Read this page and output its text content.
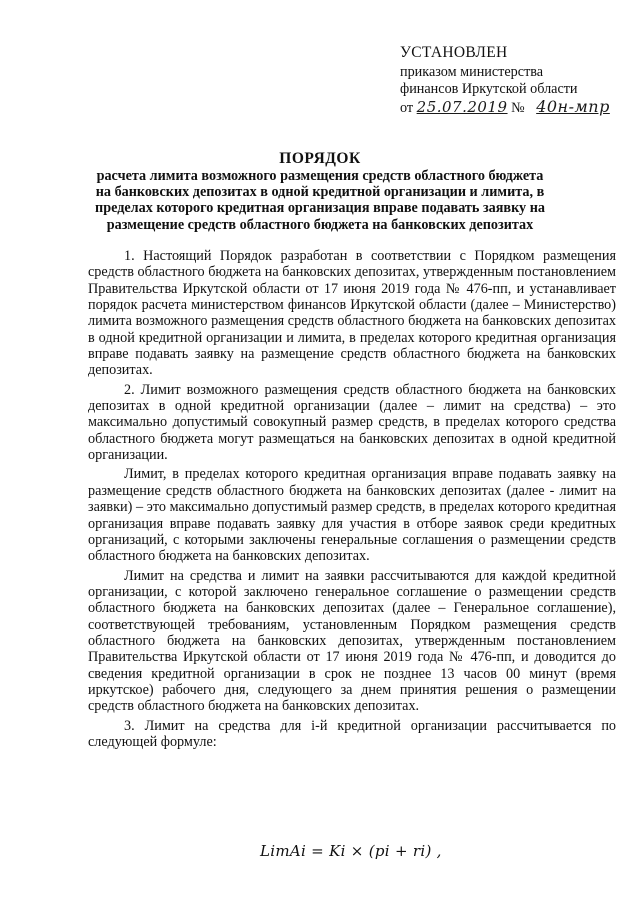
УСТАНОВЛЕН
приказом министерства
финансов Иркутской области
от 25.07.2019 № 40н-мпр
ПОРЯДОК
расчета лимита возможного размещения средств областного бюджета на банковских депозитах в одной кредитной организации и лимита, в пределах которого кредитная организация вправе подавать заявку на размещение средств областного бюджета на банковских депозитах

1. Настоящий Порядок разработан в соответствии с Порядком размещения средств областного бюджета на банковских депозитах, утвержденным постановлением Правительства Иркутской области от 17 июня 2019 года № 476-пп, и устанавливает порядок расчета министерством финансов Иркутской области (далее – Министерство) лимита возможного размещения средств областного бюджета на банковских депозитах в одной кредитной организации и лимита, в пределах которого кредитная организация вправе подавать заявку на размещение средств областного бюджета на банковских депозитах.

2. Лимит возможного размещения средств областного бюджета на банковских депозитах в одной кредитной организации (далее – лимит на средства) – это максимально допустимый совокупный размер средств, в пределах которого средства областного бюджета могут размещаться на банковских депозитах в одной кредитной организации.

Лимит, в пределах которого кредитная организация вправе подавать заявку на размещение средств областного бюджета на банковских депозитах (далее - лимит на заявки) – это максимально допустимый размер средств, в пределах которого кредитная организация вправе подавать заявку для участия в отборе заявок среди кредитных организаций, с которыми заключены генеральные соглашения о размещении средств областного бюджета на банковских депозитах.

Лимит на средства и лимит на заявки рассчитываются для каждой кредитной организации, с которой заключено генеральное соглашение о размещении средств областного бюджета на банковских депозитах (далее – Генеральное соглашение), соответствующей требованиям, установленным Порядком размещения средств областного бюджета на банковских депозитах, утвержденным постановлением Правительства Иркутской области от 17 июня 2019 года № 476-пп, и доводится до сведения кредитной организации в срок не позднее 13 часов 00 минут (время иркутское) рабочего дня, следующего за днем принятия решения о размещении средств областного бюджета на банковских депозитах.

3. Лимит на средства для i-й кредитной организации рассчитывается по следующей формуле:

LimAi = Ki × (pi + ri) ,
